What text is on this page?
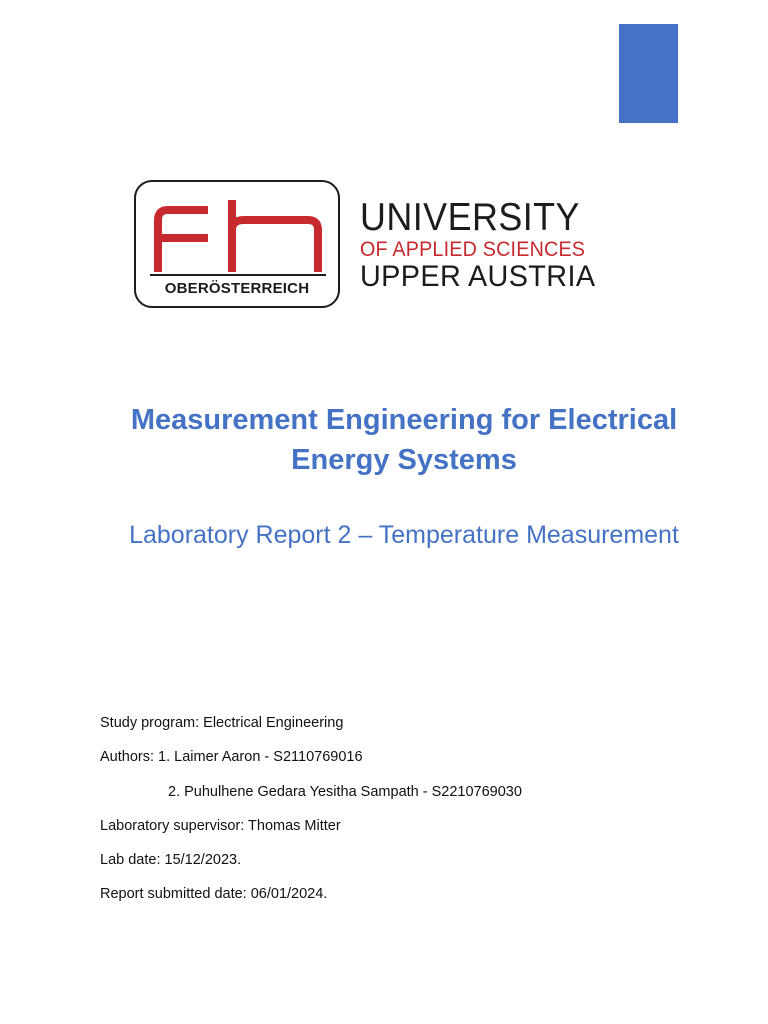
OBERÖSTERREICH
UNIVERSITY
OF APPLIED SCIENCES
UPPER AUSTRIA
Measurement Engineering for Electrical Energy Systems
Laboratory Report 2 – Temperature Measurement
Study program: Electrical Engineering
Authors: 1. Laimer Aaron - S2110769016
2. Puhulhene Gedara Yesitha Sampath - S2210769030
Laboratory supervisor: Thomas Mitter
Lab date: 15/12/2023.
Report submitted date: 06/01/2024.
